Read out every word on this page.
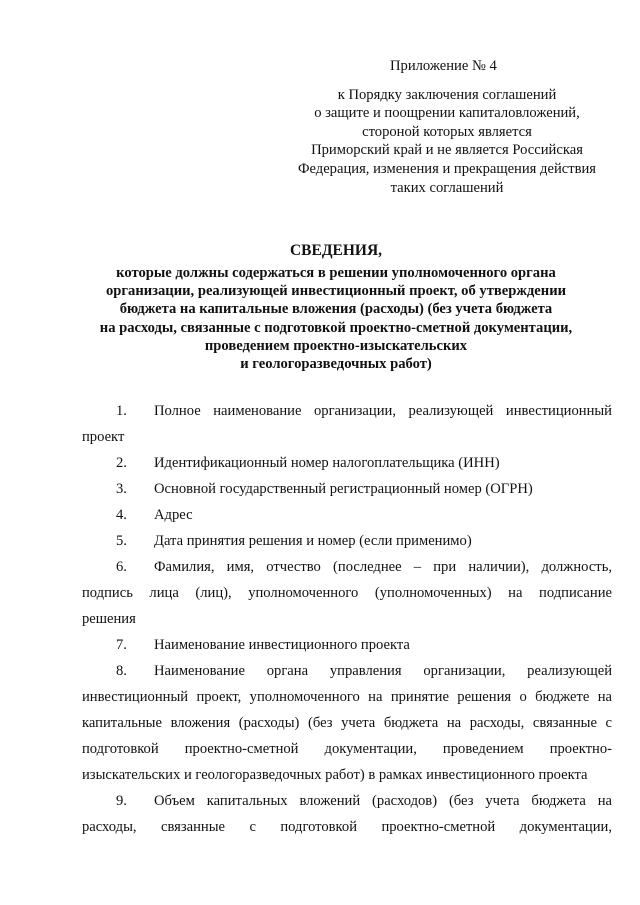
Приложение № 4
к Порядку заключения соглашений
о защите и поощрении капиталовложений,
стороной которых является
Приморский край и не является Российская
Федерация, изменения и прекращения действия
таких соглашений
СВЕДЕНИЯ,
которые должны содержаться в решении уполномоченного органа
организации, реализующей инвестиционный проект, об утверждении
бюджета на капитальные вложения (расходы) (без учета бюджета
на расходы, связанные с подготовкой проектно-сметной документации,
проведением проектно-изыскательских
и геологоразведочных работ)
1. Полное наименование организации, реализующей инвестиционный
проект
2. Идентификационный номер налогоплательщика (ИНН)
3. Основной государственный регистрационный номер (ОГРН)
4. Адрес
5. Дата принятия решения и номер (если применимо)
6. Фамилия, имя, отчество (последнее – при наличии), должность,
подпись лица (лиц), уполномоченного (уполномоченных) на подписание
решения
7. Наименование инвестиционного проекта
8. Наименование органа управления организации, реализующей
инвестиционный проект, уполномоченного на принятие решения о бюджете на
капитальные вложения (расходы) (без учета бюджета на расходы, связанные с
подготовкой проектно-сметной документации, проведением проектно-
изыскательских и геологоразведочных работ) в рамках инвестиционного проекта
9. Объем капитальных вложений (расходов) (без учета бюджета на
расходы, связанные с подготовкой проектно-сметной документации,
